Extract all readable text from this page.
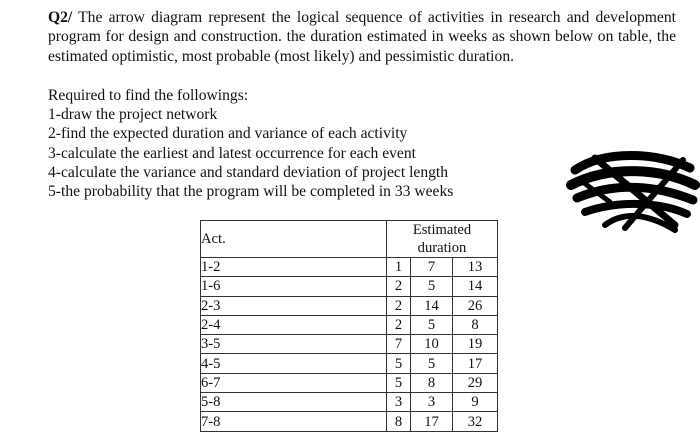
Q2/ The arrow diagram represent the logical sequence of activities in research and development program for design and construction. the duration estimated in weeks as shown below on table, the estimated optimistic, most probable (most likely) and pessimistic duration.
Required to find the followings:
1-draw the project network
2-find the expected duration and variance of each activity
3-calculate the earliest and latest occurrence for each event
4-calculate the variance and standard deviation of project length
5-the probability that the program will be completed in 33 weeks
Act.	Estimated duration		
1-2	1	7	13
1-6	2	5	14
2-3	2	14	26
2-4	2	5	8
3-5	7	10	19
4-5	5	5	17
6-7	5	8	29
5-8	3	3	9
7-8	8	17	32
